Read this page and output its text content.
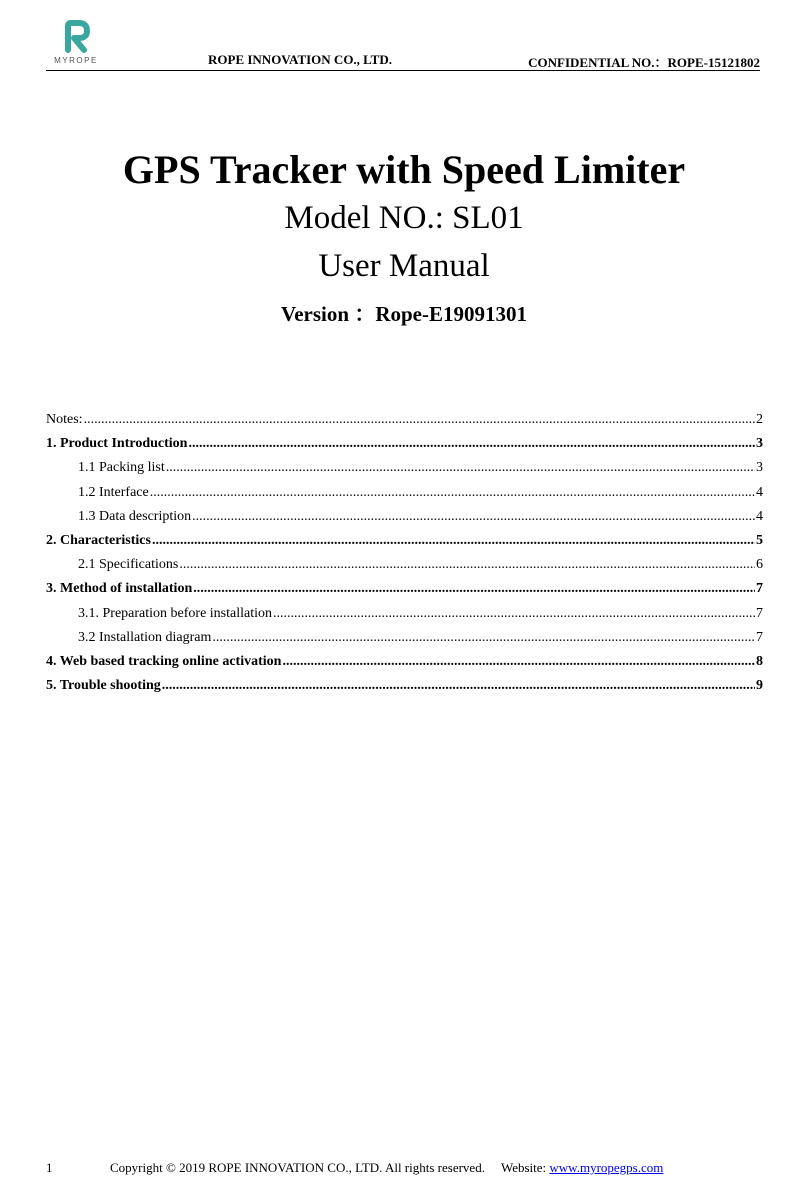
MYROPE	ROPE INNOVATION CO., LTD.	CONFIDENTIAL NO.：ROPE-15121802
GPS Tracker with Speed Limiter
Model NO.: SL01
User Manual
Version ：Rope-E19091301
Notes: .....	2
1. Product Introduction .....	3
1.1 Packing list .....	3
1.2 Interface .....	4
1.3 Data description .....	4
2. Characteristics .....	5
2.1 Specifications .....	6
3. Method of installation .....	7
3.1. Preparation before installation .....	7
3.2 Installation diagram .....	7
4. Web based tracking online activation .....	8
5. Trouble shooting .....	9
1	Copyright © 2019 ROPE INNOVATION CO., LTD. All rights reserved. Website: www.myropegps.com
